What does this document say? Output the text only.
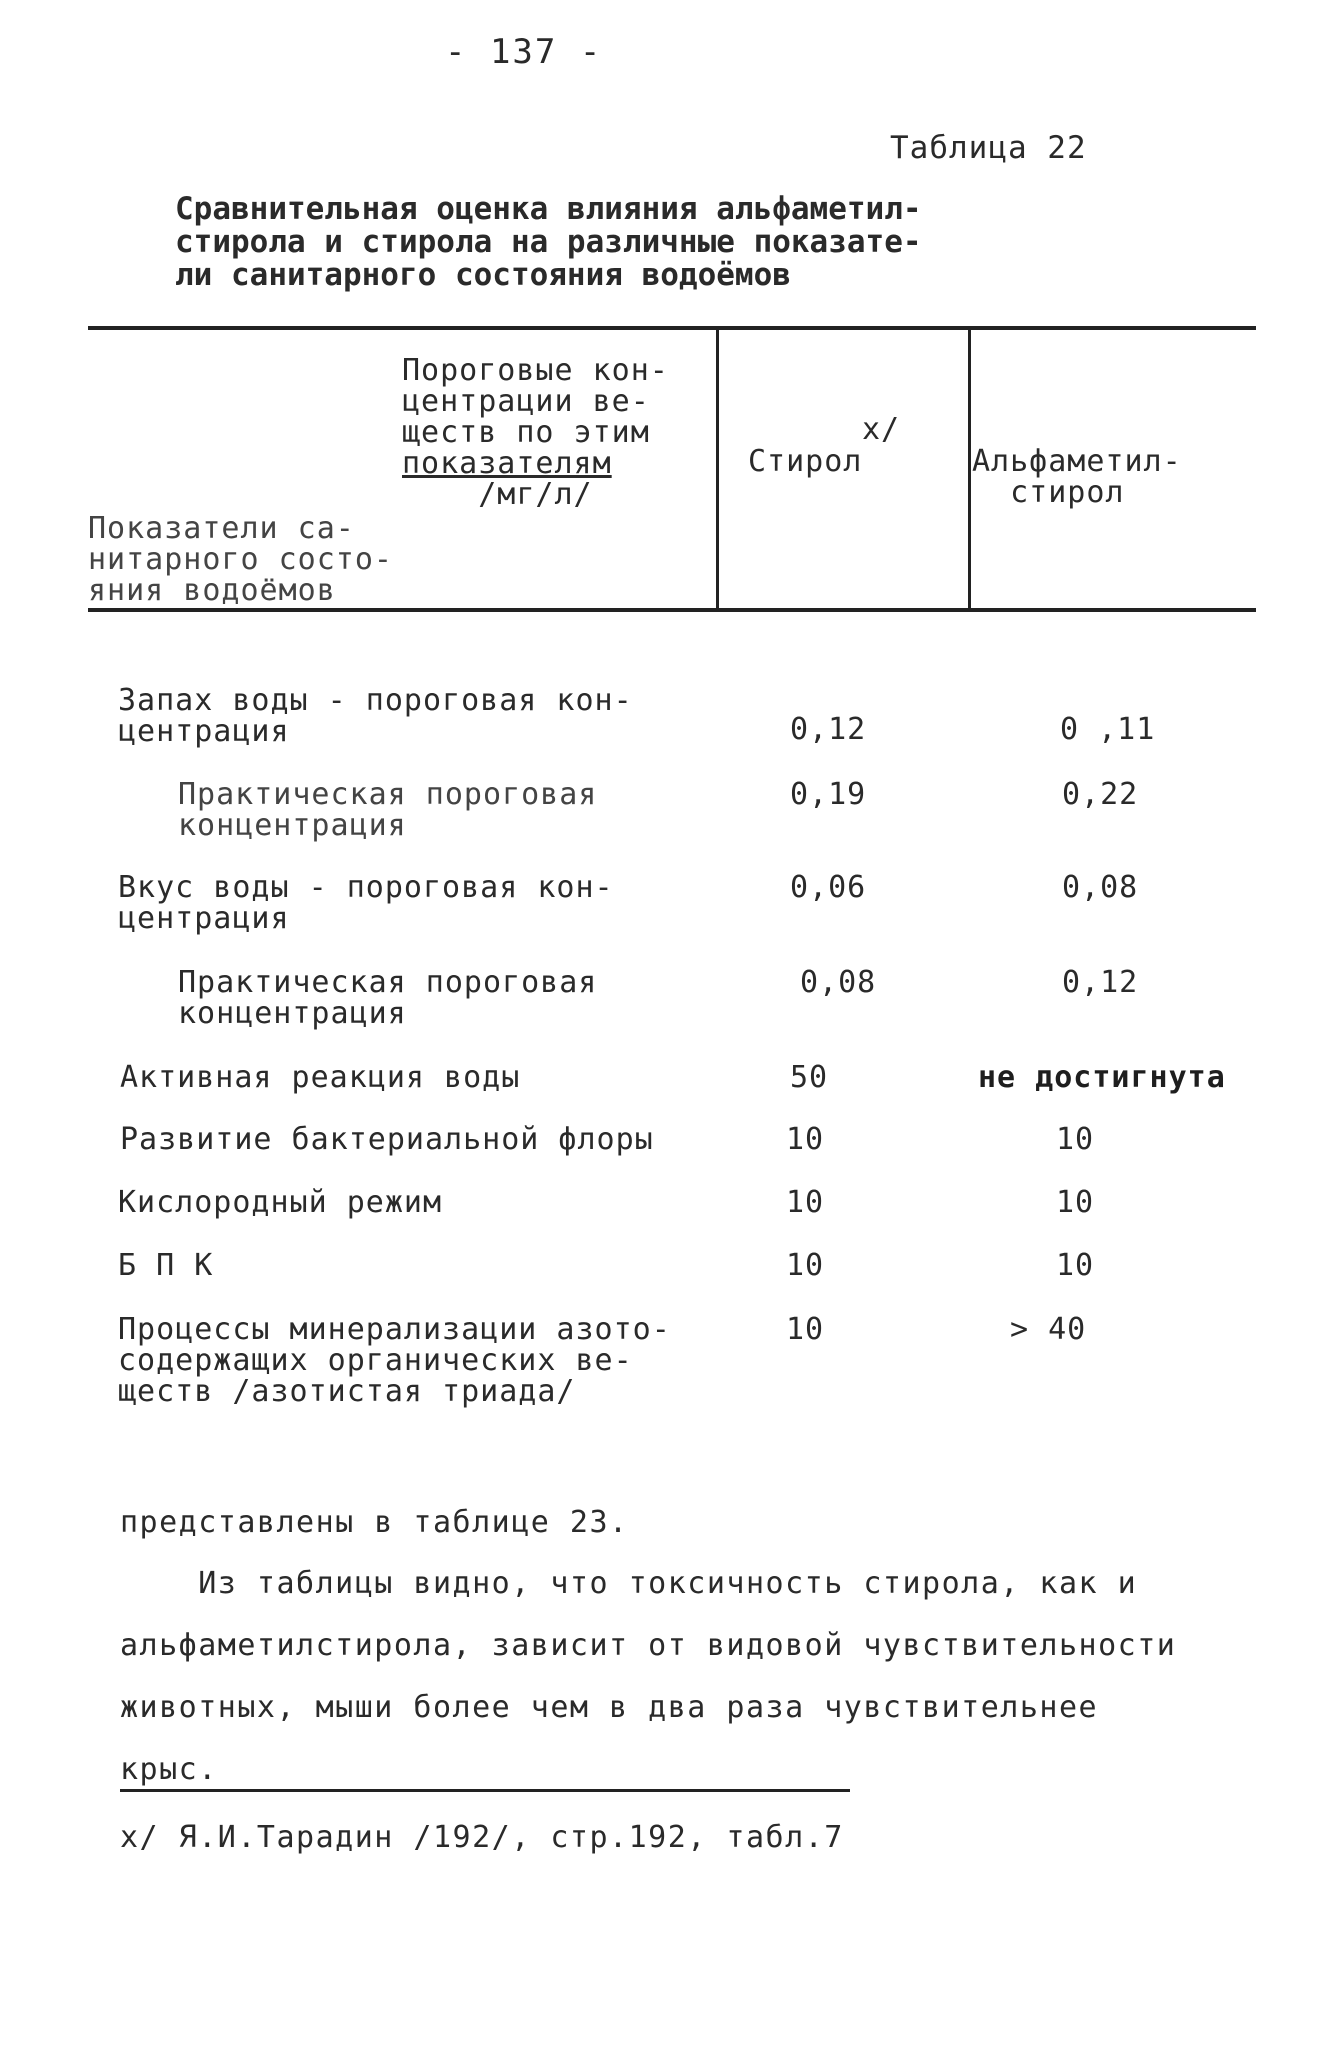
- 137 -
Таблица 22
Сравнительная оценка влияния альфаметил-
стирола и стирола на различные показате-
ли санитарного состояния водоёмов
Пороговые кон-
центрации ве-
ществ по этим
показателям
/мг/л/
Показатели са-
нитарного состо-
яния водоёмов
х/
Стирол	Альфаметил-
стирол
Запах воды - пороговая кон-
центрация	0,12	0 ,11
Практическая пороговая
концентрация
0,19	0,22
Вкус воды - пороговая кон-
центрация
0,06	0,08
Практическая пороговая
концентрация
0,08	0,12
Активная реакция воды	50	не достигнута
Развитие бактериальной флоры	10	10
Кислородный режим	10	10
Б П К	10	10
Процессы минерализации азото-
содержащих органических ве-
ществ /азотистая триада/
10	> 40
представлены в таблице 23.
Из таблицы видно, что токсичность стирола, как и
альфаметилстирола, зависит от видовой чувствительности
животных, мыши более чем в два раза чувствительнее
крыс.
х/ Я.И.Тарадин /192/, стр.192, табл.7
